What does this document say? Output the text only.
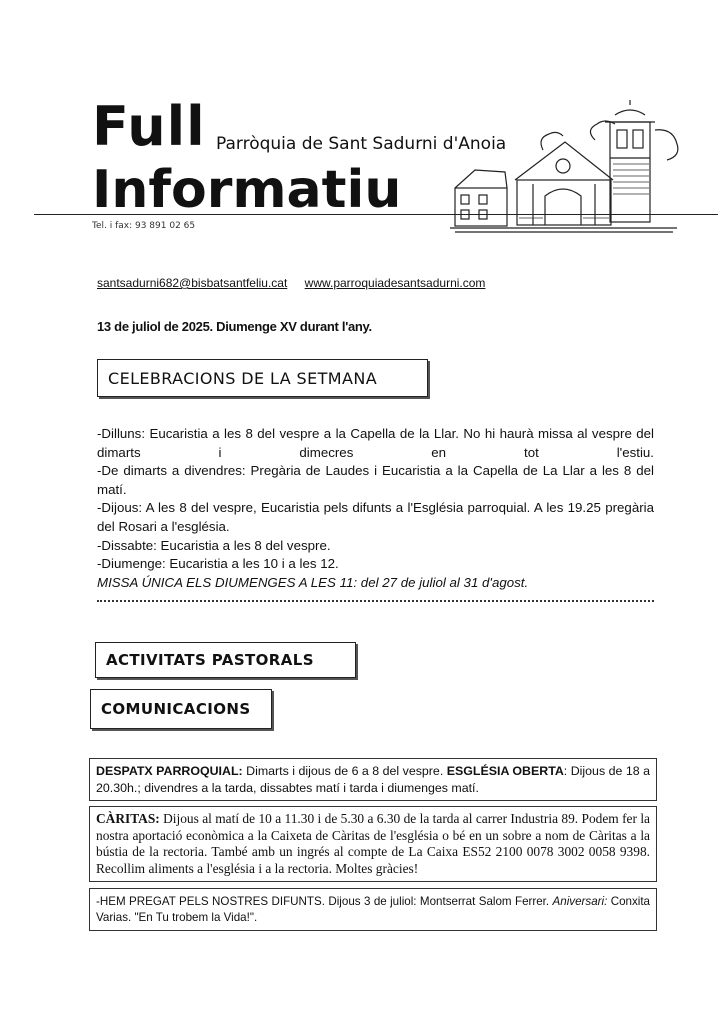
Full
Informatiu
Parròquia de Sant Sadurni d'Anoia
Tel. i fax: 93 891 02 65
santsadurni682@bisbatsantfeliu.cat www.parroquiadesantsadurni.com
13 de juliol de 2025. Diumenge XV durant l'any.
CELEBRACIONS DE LA SETMANA

-Dilluns: Eucaristia a les 8 del vespre a la Capella de la Llar. No hi haurà missa al vespre del dimarts i dimecres en tot l'estiu.

-De dimarts a divendres: Pregària de Laudes i Eucaristia a la Capella de La Llar a les 8 del matí.

-Dijous: A les 8 del vespre, Eucaristia pels difunts a l'Església parroquial. A les 19.25 pregària del Rosari a l'església.

-Dissabte: Eucaristia a les 8 del vespre.

-Diumenge: Eucaristia a les 10 i a les 12.

MISSA ÚNICA ELS DIUMENGES A LES 11: del 27 de juliol al 31 d'agost.

ACTIVITATS PASTORALS
COMUNICACIONS
DESPATX PARROQUIAL: Dimarts i dijous de 6 a 8 del vespre. ESGLÉSIA OBERTA: Dijous de 18 a 20.30h.; divendres a la tarda, dissabtes matí i tarda i diumenges matí.
CÀRITAS: Dijous al matí de 10 a 11.30 i de 5.30 a 6.30 de la tarda al carrer Industria 89. Podem fer la nostra aportació econòmica a la Caixeta de Càritas de l'església o bé en un sobre a nom de Càritas a la bústia de la rectoria. També amb un ingrés al compte de La Caixa ES52 2100 0078 3002 0058 9398. Recollim aliments a l'església i a la rectoria. Moltes gràcies!
-HEM PREGAT PELS NOSTRES DIFUNTS. Dijous 3 de juliol: Montserrat Salom Ferrer. Aniversari: Conxita Varias. "En Tu trobem la Vida!".
